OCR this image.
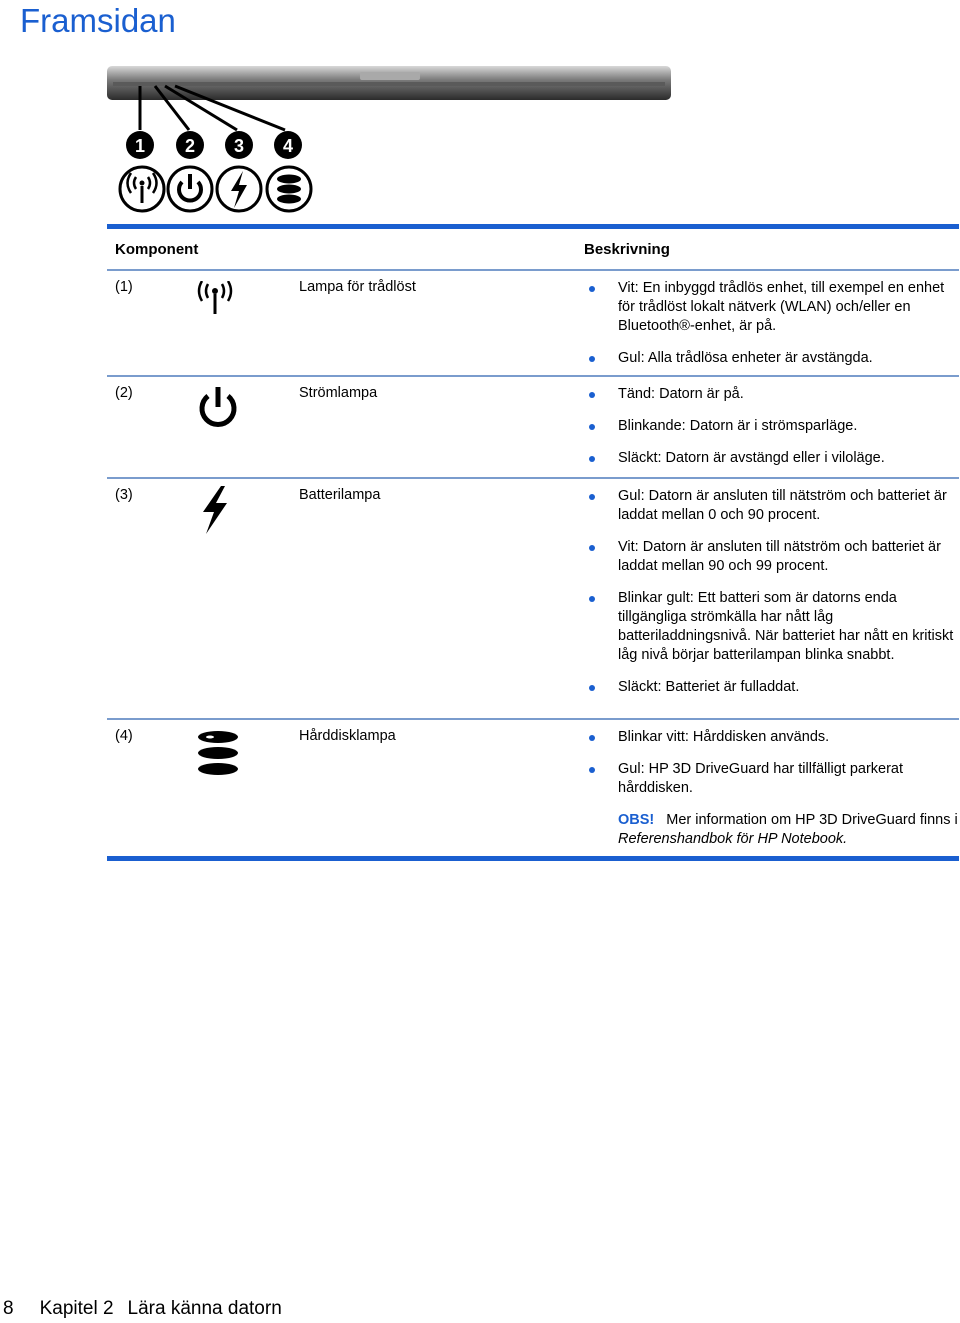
Framsidan
1 2 3 4
Komponent	Beskrivning
(1)	Lampa för trådlöst	Vit: En inbyggd trådlös enhet, till exempel en enhet för trådlöst lokalt nätverk (WLAN) och/eller en Bluetooth®-enhet, är på.
Gul: Alla trådlösa enheter är avstängda.
(2)	Strömlampa	Tänd: Datorn är på.
Blinkande: Datorn är i strömsparläge.
Släckt: Datorn är avstängd eller i viloläge.
(3)	Batterilampa	Gul: Datorn är ansluten till nätström och batteriet är laddat mellan 0 och 90 procent.
Vit: Datorn är ansluten till nätström och batteriet är laddat mellan 90 och 99 procent.
Blinkar gult: Ett batteri som är datorns enda tillgängliga strömkälla har nått låg batteriladdningsnivå. När batteriet har nått en kritiskt låg nivå börjar batterilampan blinka snabbt.
Släckt: Batteriet är fulladdat.
(4)	Hårddisklampa	Blinkar vitt: Hårddisken används.
Gul: HP 3D DriveGuard har tillfälligt parkerat hårddisken.
OBS! Mer information om HP 3D DriveGuard finns i Referenshandbok för HP Notebook.
8 Kapitel 2 Lära känna datorn
